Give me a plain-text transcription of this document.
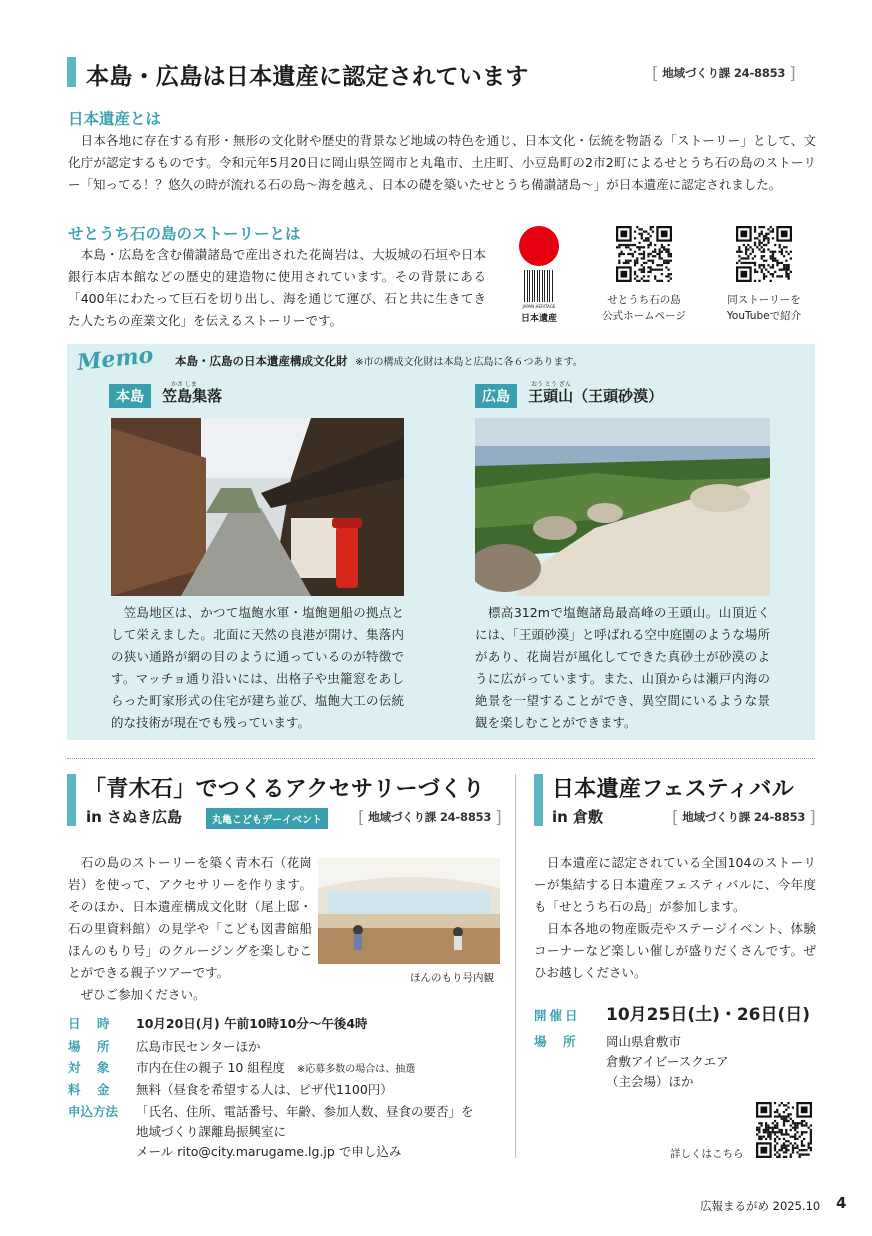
本島・広島は日本遺産に認定されています	[ 地域づくり課 24-8853 ]
日本遺産とは
　日本各地に存在する有形・無形の文化財や歴史的背景など地域の特色を通じ、日本文化・伝統を物語る「ストーリー」として、文化庁が認定するものです。令和元年5月20日に岡山県笠岡市と丸亀市、土庄町、小豆島町の2市2町によるせとうち石の島のストーリー「知ってる！？悠久の時が流れる石の島～海を越え、日本の礎を築いたせとうち備讃諸島～」が日本遺産に認定されました。
せとうち石の島のストーリーとは
　本島・広島を含む備讃諸島で産出された花崗岩は、大坂城の石垣や日本銀行本店本館などの歴史的建造物に使用されています。その背景にある「400年にわたって巨石を切り出し、海を通じて運び、石と共に生きてきた人たちの産業文化」を伝えるストーリーです。
JAPAN HERITAGE
日本遺産
せとうち石の島
公式ホームページ
同ストーリーを
YouTubeで紹介
Memo 本島・広島の日本遺産構成文化財 ※市の構成文化財は本島と広島に各６つあります。
本島 笠島集落
かさ しま
　笠島地区は、かつて塩飽水軍・塩飽廻船の拠点として栄えました。北面に天然の良港が開け、集落内の狭い通路が網の目のように通っているのが特徴です。マッチョ通り沿いには、出格子や虫籠窓をあしらった町家形式の住宅が建ち並び、塩飽大工の伝統的な技術が現在でも残っています。
広島 王頭山（王頭砂漠）
おう とう ざん
　標高312mで塩飽諸島最高峰の王頭山。山頂近くには、「王頭砂漠」と呼ばれる空中庭園のような場所があり、花崗岩が風化してできた真砂土が砂漠のように広がっています。また、山頂からは瀬戸内海の絶景を一望することができ、異空間にいるような景観を楽しむことができます。
「青木石」でつくるアクセサリーづくり
in さぬき広島	丸亀こどもデーイベント	[ 地域づくり課 24-8853 ]
　石の島のストーリーを築く青木石（花崗岩）を使って、アクセサリーを作ります。そのほか、日本遺産構成文化財（尾上邸・石の里資料館）の見学や「こども図書館船ほんのもり号」のクルージングを楽しむことができる親子ツアーです。
　ぜひご参加ください。
ほんのもり号内観
日　時 10月20日(月) 午前10時10分～午後4時
場　所 広島市民センターほか
対　象 市内在住の親子 10 組程度 ※応募多数の場合は、抽選
料　金 無料（昼食を希望する人は、ピザ代1100円）
申込方法 「氏名、住所、電話番号、年齢、参加人数、昼食の要否」を
地域づくり課離島振興室に
メール rito@city.marugame.lg.jp で申し込み
日本遺産フェスティバル
in 倉敷	[ 地域づくり課 24-8853 ]
　日本遺産に認定されている全国104のストーリーが集結する日本遺産フェスティバルに、今年度も「せとうち石の島」が参加します。
　日本各地の物産販売やステージイベント、体験コーナーなど楽しい催しが盛りだくさんです。ぜひお越しください。
開催日 10月25日(土)・26日(日)
場　所 岡山県倉敷市
倉敷アイビースクエア
（主会場）ほか
詳しくはこちら
広報まるがめ 2025.10 4
